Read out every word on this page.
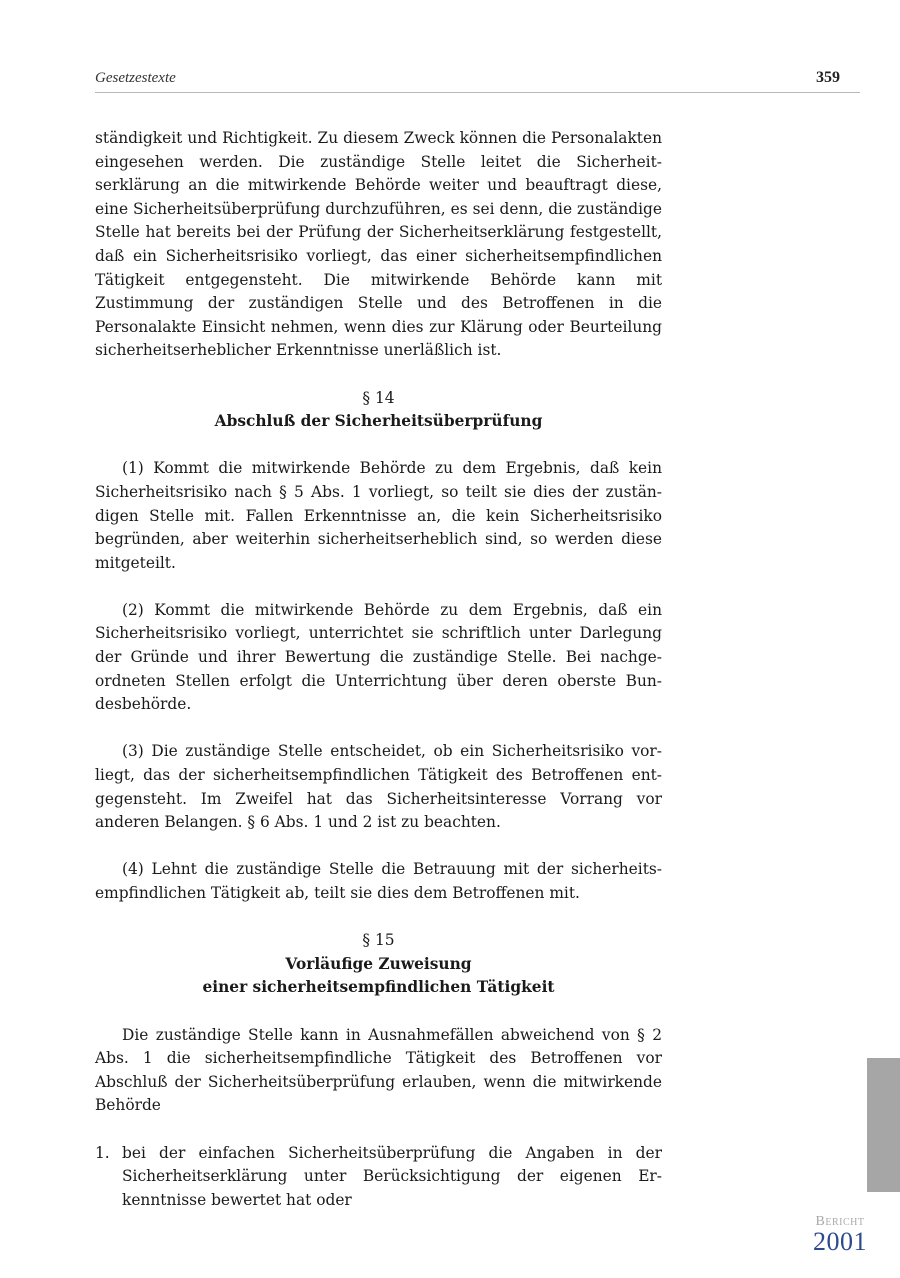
Gesetzestexte	359

ständigkeit und Richtigkeit. Zu diesem Zweck können die Personalakten eingesehen werden. Die zuständige Stelle leitet die Sicherheitserklärung an die mitwirkende Behörde weiter und beauftragt diese, eine Sicherheitsüberprüfung durchzuführen, es sei denn, die zuständige Stelle hat bereits bei der Prüfung der Sicherheitserklärung festgestellt, daß ein Sicherheitsrisiko vorliegt, das einer sicherheitsempfindlichen Tätigkeit entgegensteht. Die mitwirkende Behörde kann mit Zustimmung der zuständigen Stelle und des Betroffenen in die Personalakte Einsicht nehmen, wenn dies zur Klärung oder Beurteilung sicherheitserheblicher Erkenntnisse unerläßlich ist.

§ 14

Abschluß der Sicherheitsüberprüfung

(1) Kommt die mitwirkende Behörde zu dem Ergebnis, daß kein Sicherheitsrisiko nach § 5 Abs. 1 vorliegt, so teilt sie dies der zuständigen Stelle mit. Fallen Erkenntnisse an, die kein Sicherheitsrisiko begründen, aber weiterhin sicherheitserheblich sind, so werden diese mitgeteilt.

(2) Kommt die mitwirkende Behörde zu dem Ergebnis, daß ein Sicherheitsrisiko vorliegt, unterrichtet sie schriftlich unter Darlegung der Gründe und ihrer Bewertung die zuständige Stelle. Bei nachgeordneten Stellen erfolgt die Unterrichtung über deren oberste Bundesbehörde.

(3) Die zuständige Stelle entscheidet, ob ein Sicherheitsrisiko vorliegt, das der sicherheitsempfindlichen Tätigkeit des Betroffenen entgegensteht. Im Zweifel hat das Sicherheitsinteresse Vorrang vor anderen Belangen. § 6 Abs. 1 und 2 ist zu beachten.

(4) Lehnt die zuständige Stelle die Betrauung mit der sicherheitsempfindlichen Tätigkeit ab, teilt sie dies dem Betroffenen mit.

§ 15

Vorläufige Zuweisung

einer sicherheitsempfindlichen Tätigkeit

Die zuständige Stelle kann in Ausnahmefällen abweichend von § 2 Abs. 1 die sicherheitsempfindliche Tätigkeit des Betroffenen vor Abschluß der Sicherheitsüberprüfung erlauben, wenn die mitwirkende Behörde

1. bei der einfachen Sicherheitsüberprüfung die Angaben in der Sicherheitserklärung unter Berücksichtigung der eigenen Erkenntnisse bewertet hat oder

Bericht
2001
